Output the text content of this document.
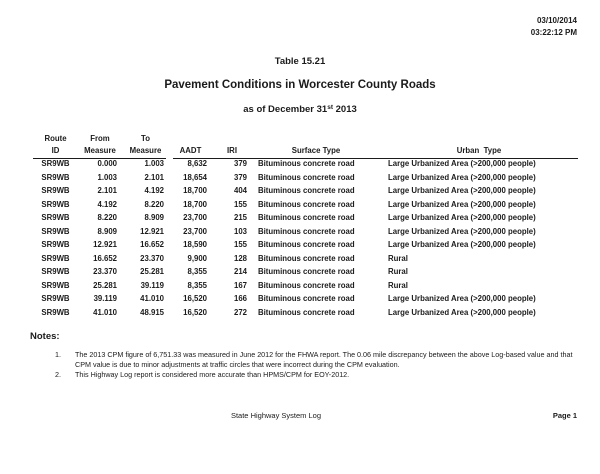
03/10/2014
03:22:12 PM
Table 15.21
Pavement Conditions in Worcester County Roads
as of December 31st 2013
Route	From	To				
ID	Measure	Measure	AADT	IRI	Surface Type	Urban  Type
SR9WB	0.000	1.003	8,632	379	Bituminous concrete road	Large Urbanized Area (>200,000 people)
SR9WB	1.003	2.101	18,654	379	Bituminous concrete road	Large Urbanized Area (>200,000 people)
SR9WB	2.101	4.192	18,700	404	Bituminous concrete road	Large Urbanized Area (>200,000 people)
SR9WB	4.192	8.220	18,700	155	Bituminous concrete road	Large Urbanized Area (>200,000 people)
SR9WB	8.220	8.909	23,700	215	Bituminous concrete road	Large Urbanized Area (>200,000 people)
SR9WB	8.909	12.921	23,700	103	Bituminous concrete road	Large Urbanized Area (>200,000 people)
SR9WB	12.921	16.652	18,590	155	Bituminous concrete road	Large Urbanized Area (>200,000 people)
SR9WB	16.652	23.370	9,900	128	Bituminous concrete road	Rural
SR9WB	23.370	25.281	8,355	214	Bituminous concrete road	Rural
SR9WB	25.281	39.119	8,355	167	Bituminous concrete road	Rural
SR9WB	39.119	41.010	16,520	166	Bituminous concrete road	Large Urbanized Area (>200,000 people)
SR9WB	41.010	48.915	16,520	272	Bituminous concrete road	Large Urbanized Area (>200,000 people)
Notes:
1.	The 2013 CPM figure of 6,751.33 was measured in June 2012 for the FHWA report. The 0.06 mile discrepancy between the above Log-based value and that CPM value is due to minor adjustments at traffic circles that were incorrect during the CPM evaluation.
2.	This Highway Log report is considered more accurate than HPMS/CPM for EOY-2012.
State Highway System Log	Page 1
